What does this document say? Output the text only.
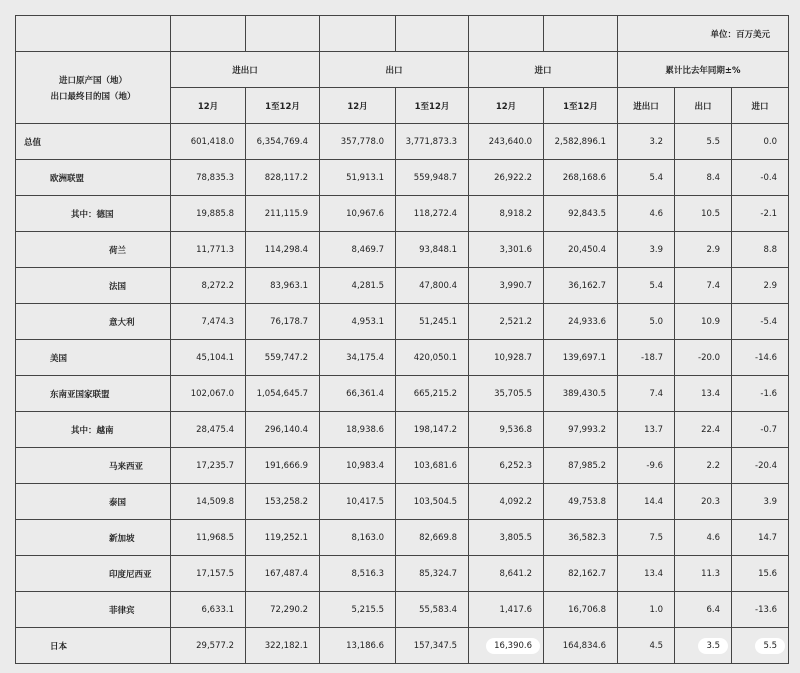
							单位：百万美元		

进口原产国（地）
出口最终目的国（地）	进出口		出口		进口		累计比去年同期±%		
	12月	1至12月	12月	1至12月	12月	1至12月	进出口	出口	进口
总值	601,418.0	6,354,769.4	357,778.0	3,771,873.3	243,640.0	2,582,896.1	3.2	5.5	0.0
欧洲联盟	78,835.3	828,117.2	51,913.1	559,948.7	26,922.2	268,168.6	5.4	8.4	-0.4
其中：德国	19,885.8	211,115.9	10,967.6	118,272.4	8,918.2	92,843.5	4.6	10.5	-2.1
荷兰	11,771.3	114,298.4	8,469.7	93,848.1	3,301.6	20,450.4	3.9	2.9	8.8
法国	8,272.2	83,963.1	4,281.5	47,800.4	3,990.7	36,162.7	5.4	7.4	2.9
意大利	7,474.3	76,178.7	4,953.1	51,245.1	2,521.2	24,933.6	5.0	10.9	-5.4
美国	45,104.1	559,747.2	34,175.4	420,050.1	10,928.7	139,697.1	-18.7	-20.0	-14.6
东南亚国家联盟	102,067.0	1,054,645.7	66,361.4	665,215.2	35,705.5	389,430.5	7.4	13.4	-1.6
其中：越南	28,475.4	296,140.4	18,938.6	198,147.2	9,536.8	97,993.2	13.7	22.4	-0.7
马来西亚	17,235.7	191,666.9	10,983.4	103,681.6	6,252.3	87,985.2	-9.6	2.2	-20.4
泰国	14,509.8	153,258.2	10,417.5	103,504.5	4,092.2	49,753.8	14.4	20.3	3.9
新加坡	11,968.5	119,252.1	8,163.0	82,669.8	3,805.5	36,582.3	7.5	4.6	14.7
印度尼西亚	17,157.5	167,487.4	8,516.3	85,324.7	8,641.2	82,162.7	13.4	11.3	15.6
菲律宾	6,633.1	72,290.2	5,215.5	55,583.4	1,417.6	16,706.8	1.0	6.4	-13.6
日本	29,577.2	322,182.1	13,186.6	157,347.5	16,390.6	164,834.6	4.5	3.5	5.5
